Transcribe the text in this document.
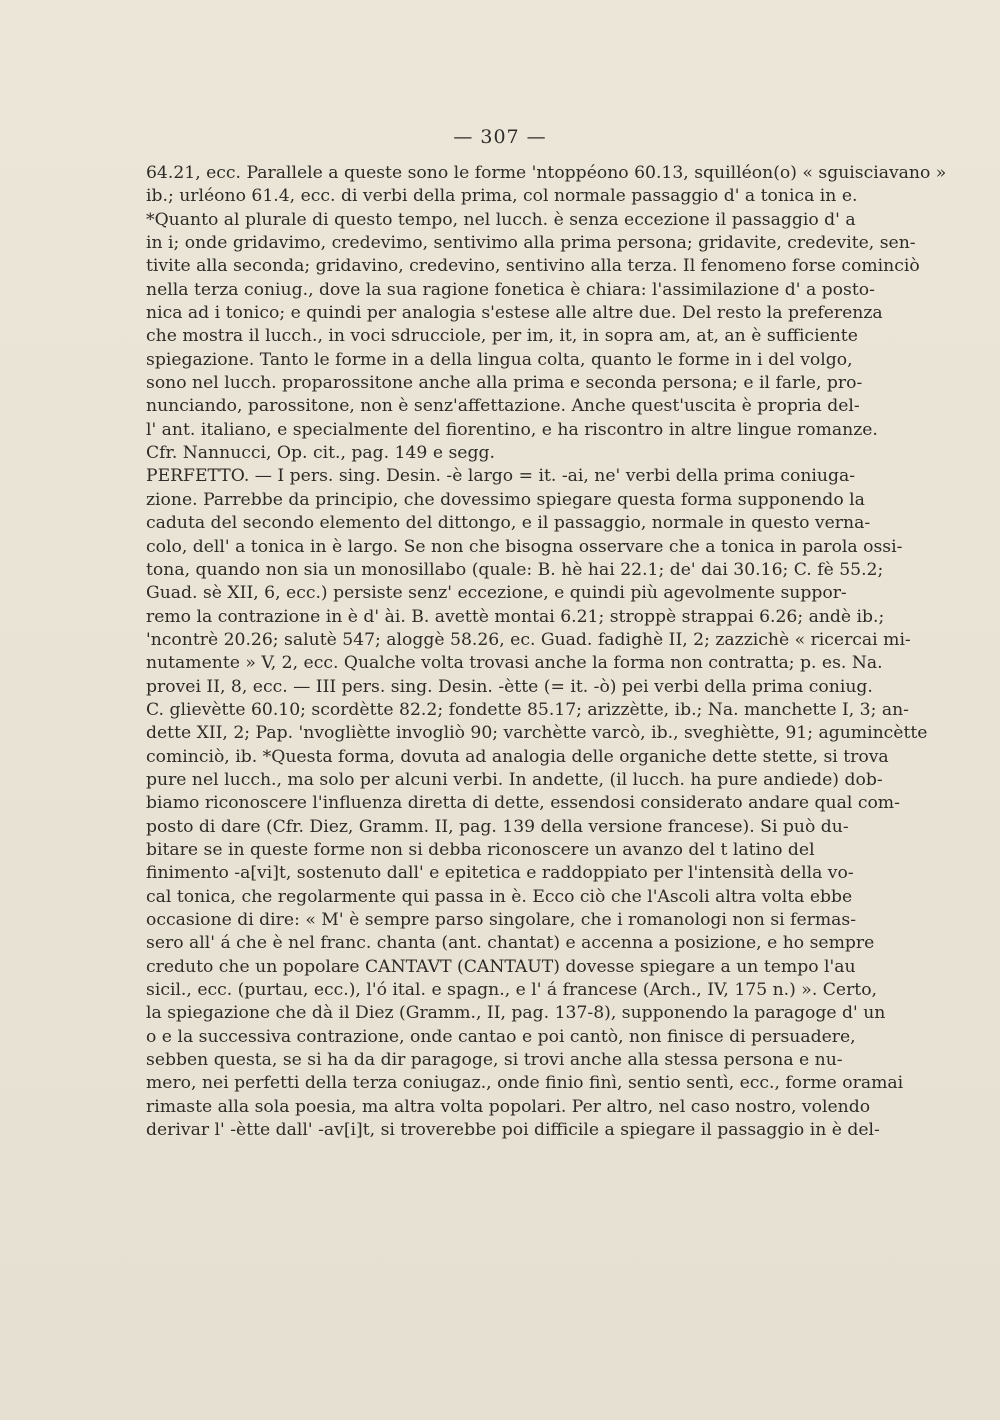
— 307 —
64.21, ecc. Parallele a queste sono le forme 'ntoppéono 60.13, squilléon(o) « sguisciavano »
ib.; urléono 61.4, ecc. di verbi della prima, col normale passaggio d' a tonica in e.
*Quanto al plurale di questo tempo, nel lucch. è senza eccezione il passaggio d' a
in i; onde gridavimo, credevimo, sentivimo alla prima persona; gridavite, credevite, sen-
tivite alla seconda; gridavino, credevino, sentivino alla terza. Il fenomeno forse cominciò
nella terza coniug., dove la sua ragione fonetica è chiara: l'assimilazione d' a posto-
nica ad i tonico; e quindi per analogia s'estese alle altre due. Del resto la preferenza
che mostra il lucch., in voci sdrucciole, per im, it, in sopra am, at, an è sufficiente
spiegazione. Tanto le forme in a della lingua colta, quanto le forme in i del volgo,
sono nel lucch. proparossitone anche alla prima e seconda persona; e il farle, pro-
nunciando, parossitone, non è senz'affettazione. Anche quest'uscita è propria del-
l' ant. italiano, e specialmente del fiorentino, e ha riscontro in altre lingue romanze.
Cfr. Nannucci, Op. cit., pag. 149 e segg.
PERFETTO. — I pers. sing. Desin. -è largo = it. -ai, ne' verbi della prima coniuga-
zione. Parrebbe da principio, che dovessimo spiegare questa forma supponendo la
caduta del secondo elemento del dittongo, e il passaggio, normale in questo verna-
colo, dell' a tonica in è largo. Se non che bisogna osservare che a tonica in parola ossi-
tona, quando non sia un monosillabo (quale: B. hè hai 22.1; de' dai 30.16; C. fè 55.2;
Guad. sè XII, 6, ecc.) persiste senz' eccezione, e quindi più agevolmente suppor-
remo la contrazione in è d' ài. B. avettè montai 6.21; stroppè strappai 6.26; andè ib.;
'ncontrè 20.26; salutè 547; aloggè 58.26, ec. Guad. fadighè II, 2; zazzichè « ricercai mi-
nutamente » V, 2, ecc. Qualche volta trovasi anche la forma non contratta; p. es. Na.
provei II, 8, ecc. — III pers. sing. Desin. -ètte (= it. -ò) pei verbi della prima coniug.
C. glievètte 60.10; scordètte 82.2; fondette 85.17; arizzètte, ib.; Na. manchette I, 3; an-
dette XII, 2; Pap. 'nvogliètte invogliò 90; varchètte varcò, ib., sveghiètte, 91; agumincètte
cominciò, ib. *Questa forma, dovuta ad analogia delle organiche dette stette, si trova
pure nel lucch., ma solo per alcuni verbi. In andette, (il lucch. ha pure andiede) dob-
biamo riconoscere l'influenza diretta di dette, essendosi considerato andare qual com-
posto di dare (Cfr. Diez, Gramm. II, pag. 139 della versione francese). Si può du-
bitare se in queste forme non si debba riconoscere un avanzo del t latino del
finimento -a[vi]t, sostenuto dall' e epitetica e raddoppiato per l'intensità della vo-
cal tonica, che regolarmente qui passa in è. Ecco ciò che l'Ascoli altra volta ebbe
occasione di dire: « M' è sempre parso singolare, che i romanologi non si fermas-
sero all' á che è nel franc. chanta (ant. chantat) e accenna a posizione, e ho sempre
creduto che un popolare CANTAVT (CANTAUT) dovesse spiegare a un tempo l'au
sicil., ecc. (purtau, ecc.), l'ó ital. e spagn., e l' á francese (Arch., IV, 175 n.) ». Certo,
la spiegazione che dà il Diez (Gramm., II, pag. 137-8), supponendo la paragoge d' un
o e la successiva contrazione, onde cantao e poi cantò, non finisce di persuadere,
sebben questa, se si ha da dir paragoge, si trovi anche alla stessa persona e nu-
mero, nei perfetti della terza coniugaz., onde finio finì, sentio sentì, ecc., forme oramai
rimaste alla sola poesia, ma altra volta popolari. Per altro, nel caso nostro, volendo
derivar l' -ètte dall' -av[i]t, si troverebbe poi difficile a spiegare il passaggio in è del-
